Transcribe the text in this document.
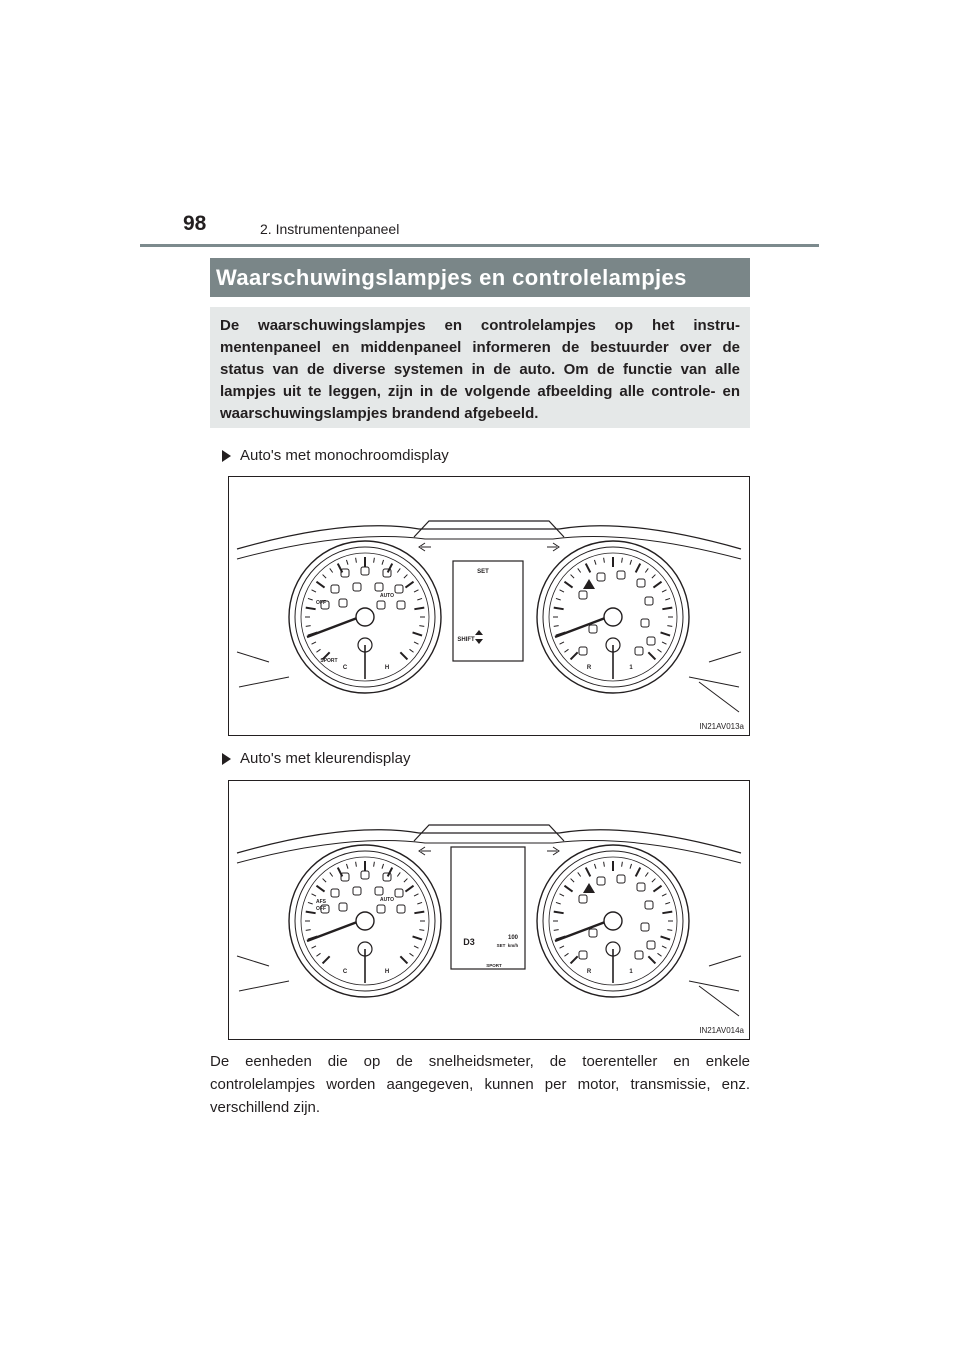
98	2. Instrumentenpaneel
Waarschuwingslampjes en controlelampjes

De waarschuwingslampjes en controlelampjes op het instru-mentenpaneel en middenpaneel informeren de bestuurder over de status van de diverse systemen in de auto. Om de functie van alle lampjes uit te leggen, zijn in de volgende afbeelding alle controle- en waarschuwingslampjes brandend afgebeeld.

Auto's met monochroomdisplay
OFF
AUTO
SPORT
C	H	R	1
SET
SHIFT
IN21AV013a
Auto's met kleurendisplay
AFS
OFF
AUTO
C	H	R	1
D3	100
SET km/h
SPORT
IN21AV014a

De eenheden die op de snelheidsmeter, de toerenteller en enkele controlelampjes worden aangegeven, kunnen per motor, transmissie, enz. verschillend zijn.
